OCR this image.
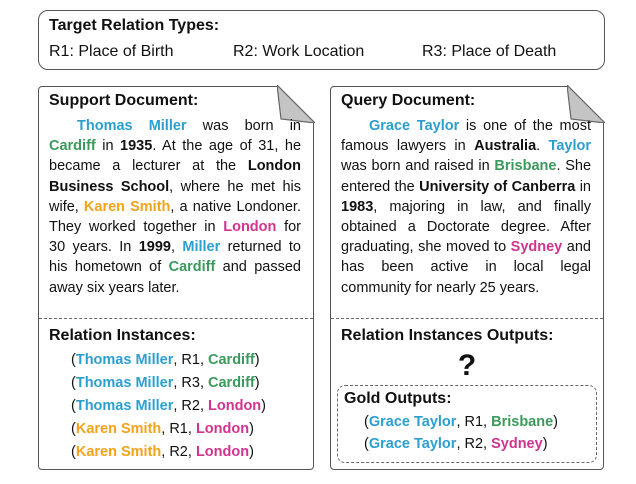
Target Relation Types:
R1: Place of Birth	R2: Work Location	R3: Place of Death
Support Document:

Thomas Miller was born in Cardiff in 1935. At the age of 31, he became a lecturer at the London Business School, where he met his wife, Karen Smith, a native Londoner. They worked together in London for 30 years. In 1999, Miller returned to his hometown of Cardiff and passed away six years later.

Relation Instances:
(Thomas Miller, R1, Cardiff)
(Thomas Miller, R3, Cardiff)
(Thomas Miller, R2, London)
(Karen Smith, R1, London)
(Karen Smith, R2, London)
Query Document:

Grace Taylor is one of the most famous lawyers in Australia. Taylor was born and raised in Brisbane. She entered the University of Canberra in 1983, majoring in law, and finally obtained a Doctorate degree. After graduating, she moved to Sydney and has been active in local legal community for nearly 25 years.

Relation Instances Outputs:
?
Gold Outputs:
(Grace Taylor, R1, Brisbane)
(Grace Taylor, R2, Sydney)
